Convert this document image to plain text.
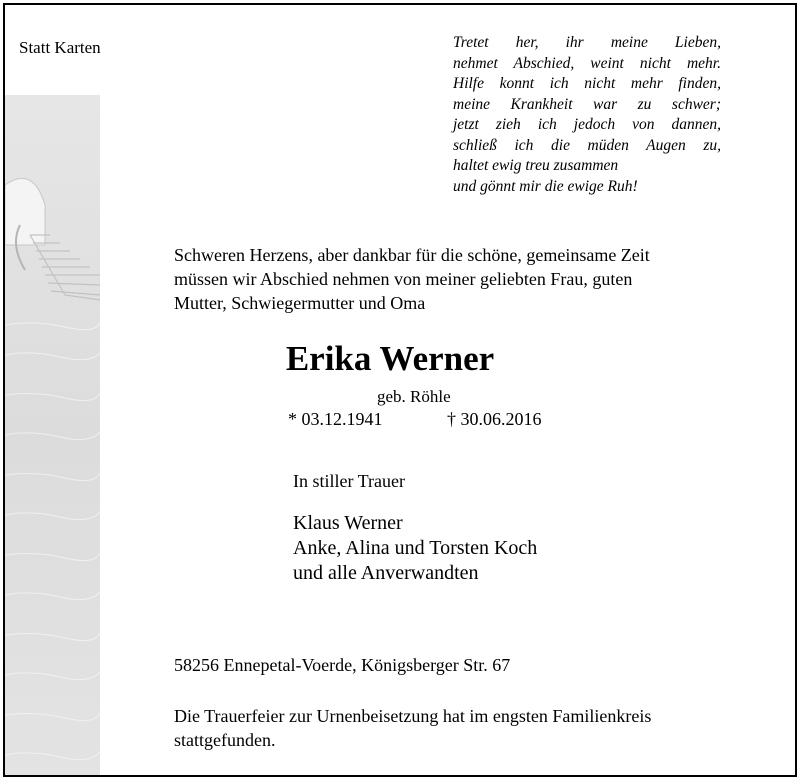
Statt Karten	Tretet her, ihr meine Lieben,
nehmet Abschied, weint nicht mehr.
Hilfe konnt ich nicht mehr finden,
meine Krankheit war zu schwer;
jetzt zieh ich jedoch von dannen,
schließ ich die müden Augen zu,
haltet ewig treu zusammen
und gönnt mir die ewige Ruh!
Schweren Herzens, aber dankbar für die schöne, gemeinsame Zeit
müssen wir Abschied nehmen von meiner geliebten Frau, guten
Mutter, Schwiegermutter und Oma
Erika Werner
geb. Röhle
* 03.12.1941	† 30.06.2016
In stiller Trauer
Klaus Werner
Anke, Alina und Torsten Koch
und alle Anverwandten
58256 Ennepetal-Voerde, Königsberger Str. 67
Die Trauerfeier zur Urnenbeisetzung hat im engsten Familienkreis
stattgefunden.
